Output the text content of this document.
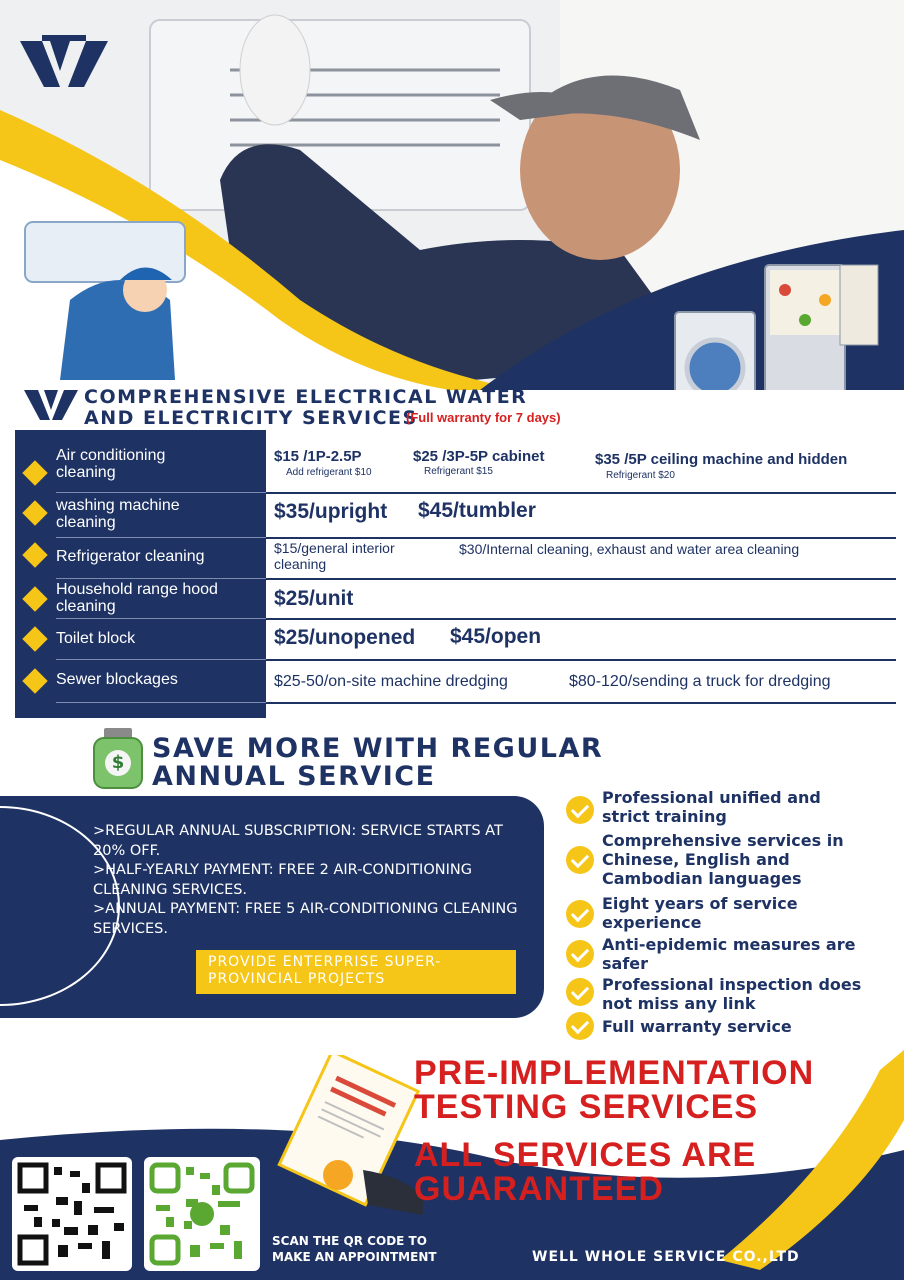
COMPREHENSIVE ELECTRICAL WATER
AND ELECTRICITY SERVICES
(Full warranty for 7 days)
Air conditioning cleaning
washing machine cleaning
Refrigerator cleaning
Household range hood cleaning
Toilet block
Sewer blockages
$15 /1P-2.5P
Add refrigerant $10
$25 /3P-5P cabinet
Refrigerant $15
$35 /5P ceiling machine and hidden
Refrigerant $20
$35/upright $45/tumbler
$15/general interior cleaning
$30/Internal cleaning, exhaust and water area cleaning
$25/unit
$25/unopened $45/open
$25-50/on-site machine dredging	$80-120/sending a truck for dredging
$ SAVE MORE WITH REGULAR
ANNUAL SERVICE
>REGULAR ANNUAL SUBSCRIPTION: SERVICE STARTS AT 20% OFF.
>HALF-YEARLY PAYMENT: FREE 2 AIR-CONDITIONING CLEANING SERVICES.
>ANNUAL PAYMENT: FREE 5 AIR-CONDITIONING CLEANING SERVICES.
PROVIDE ENTERPRISE SUPER-PROVINCIAL PROJECTS
Professional unified and strict training
Comprehensive services in Chinese, English and Cambodian languages
Eight years of service experience
Anti-epidemic measures are safer
Professional inspection does not miss any link
Full warranty service
PRE-IMPLEMENTATION TESTING SERVICES
ALL SERVICES ARE GUARANTEED
SCAN THE QR CODE TO MAKE AN APPOINTMENT	WELL WHOLE SERVICE CO.,LTD
